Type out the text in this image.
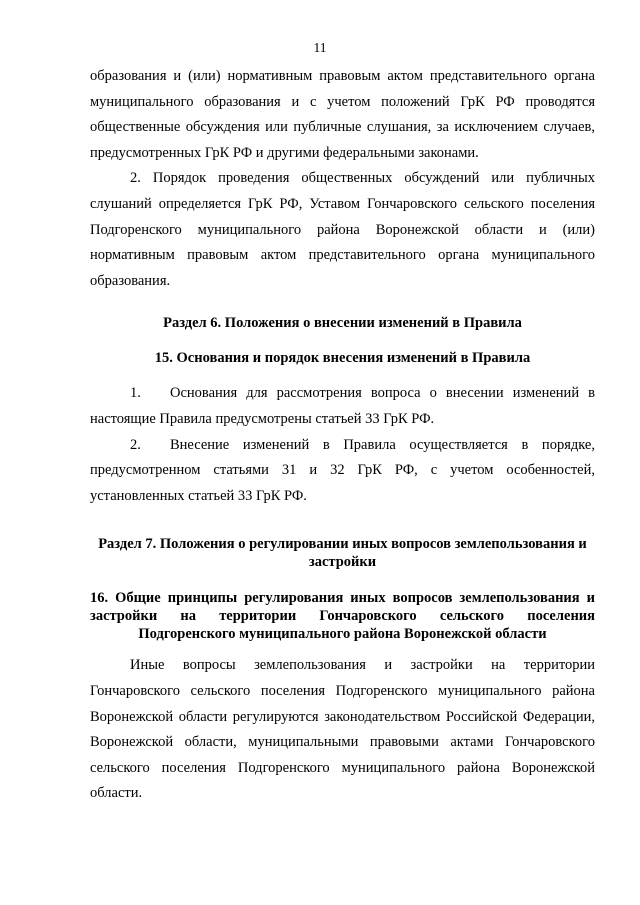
11

образования и (или) нормативным правовым актом представительного органа муниципального образования и с учетом положений ГрК РФ проводятся общественные обсуждения или публичные слушания, за исключением случаев, предусмотренных ГрК РФ и другими федеральными законами.

2. Порядок проведения общественных обсуждений или публичных слушаний определяется ГрК РФ, Уставом Гончаровского сельского поселения Подгоренского муниципального района Воронежской области и (или) нормативным правовым актом представительного органа муниципального образования.

Раздел 6. Положения о внесении изменений в Правила
15. Основания и порядок внесения изменений в Правила

1. Основания для рассмотрения вопроса о внесении изменений в настоящие Правила предусмотрены статьей 33 ГрК РФ.

2. Внесение изменений в Правила осуществляется в порядке, предусмотренном статьями 31 и 32 ГрК РФ, с учетом особенностей, установленных статьей 33 ГрК РФ.

Раздел 7. Положения о регулировании иных вопросов землепользования и застройки
16. Общие принципы регулирования иных вопросов землепользования и застройки на территории Гончаровского сельского поселения Подгоренского муниципального района Воронежской области

Иные вопросы землепользования и застройки на территории Гончаровского сельского поселения Подгоренского муниципального района Воронежской области регулируются законодательством Российской Федерации, Воронежской области, муниципальными правовыми актами Гончаровского сельского поселения Подгоренского муниципального района Воронежской области.
